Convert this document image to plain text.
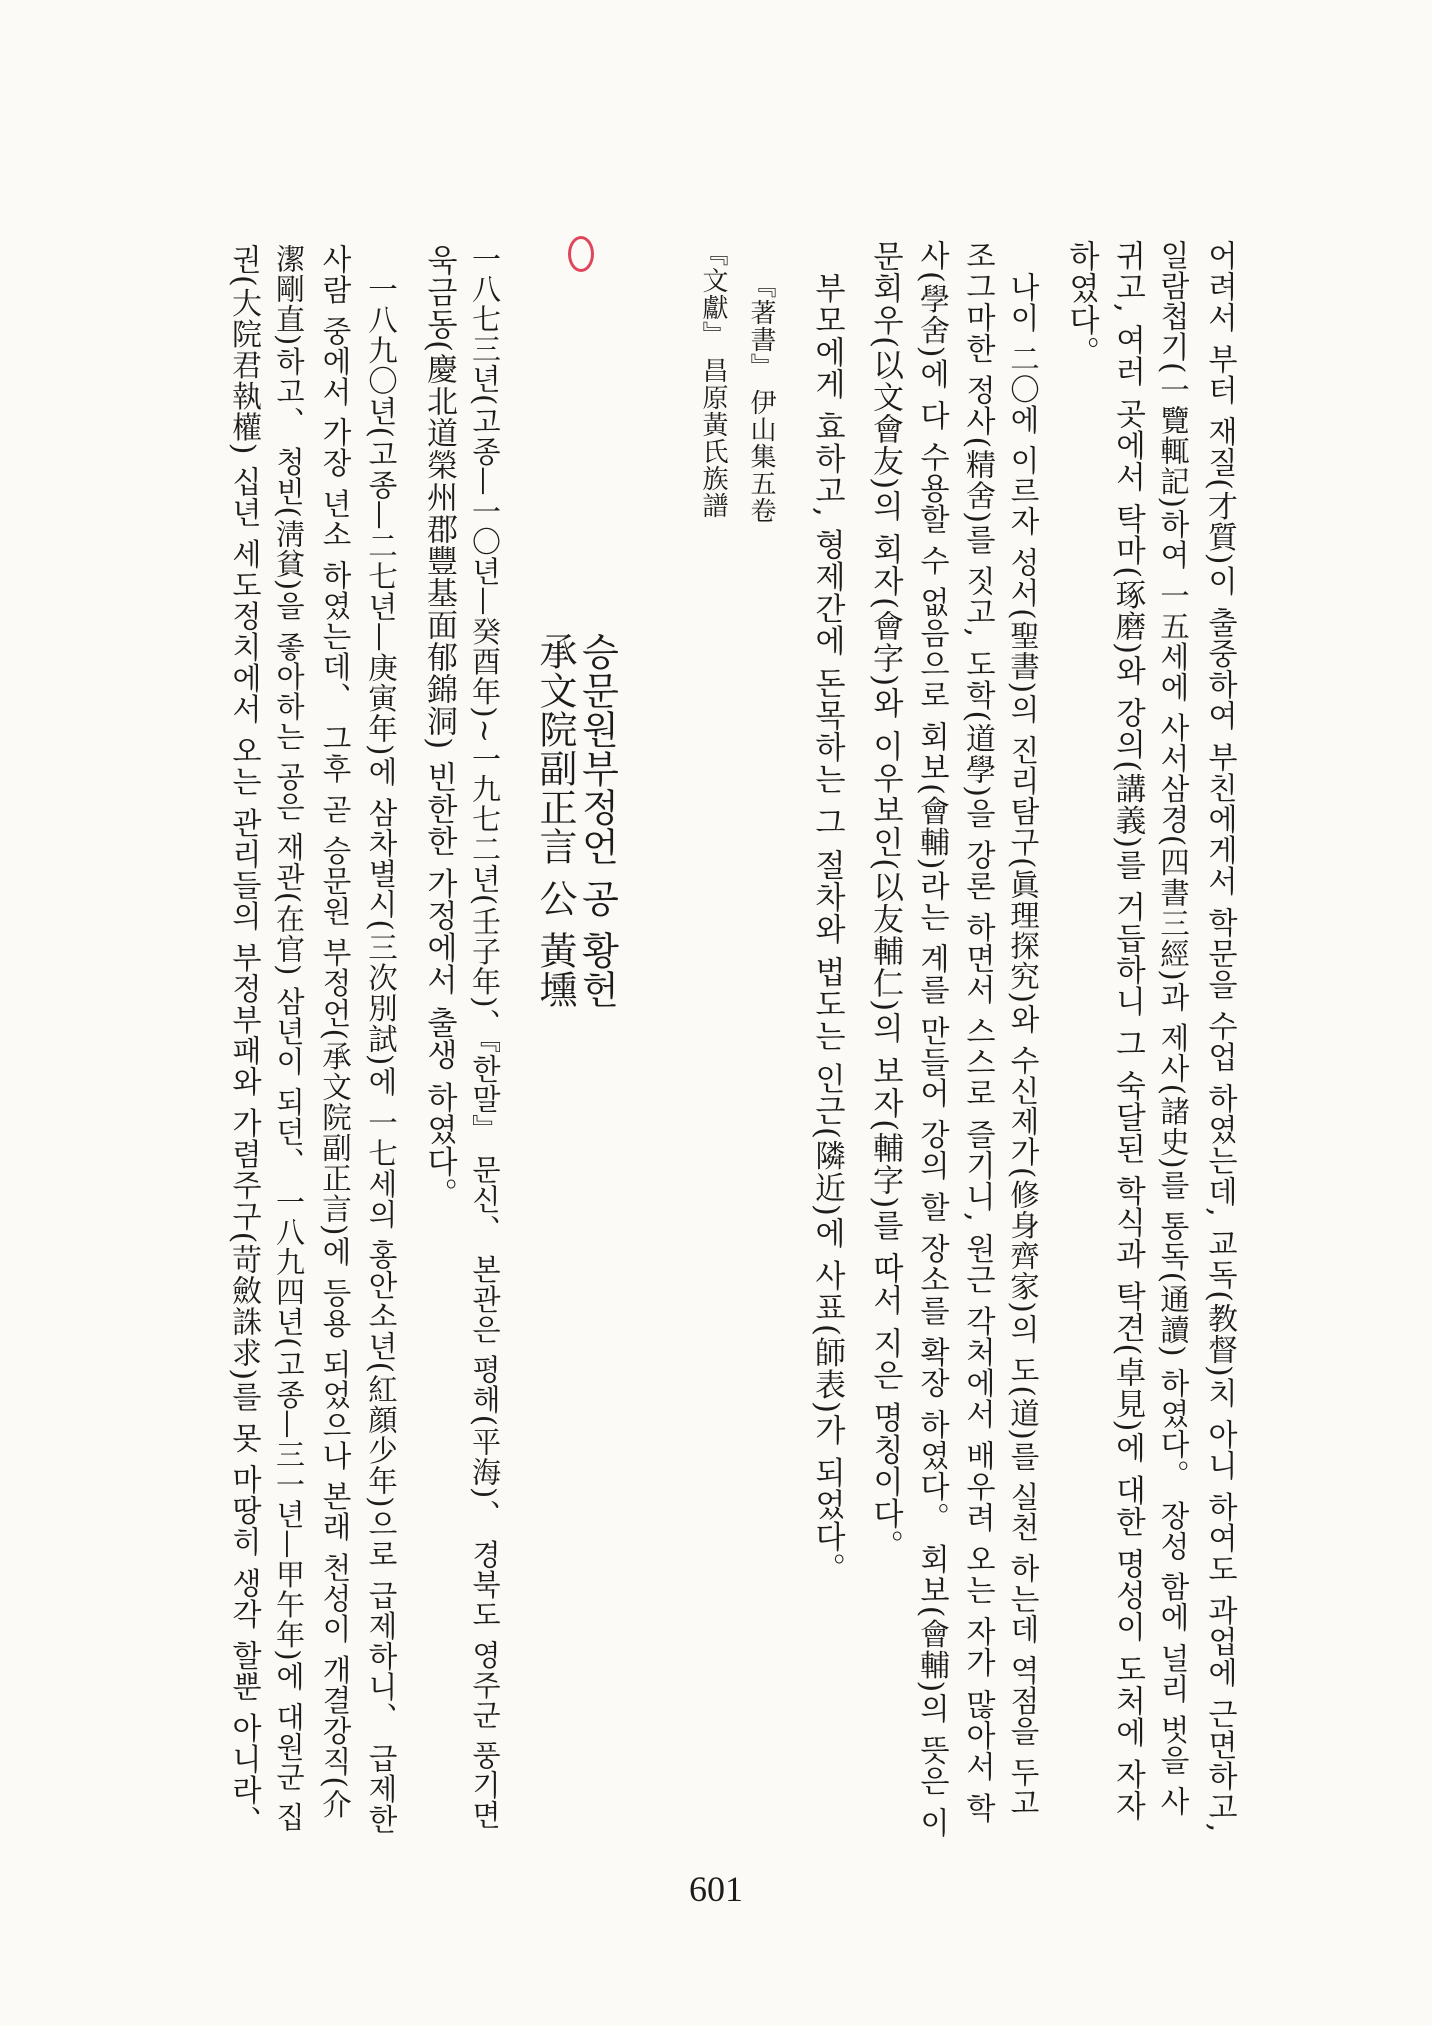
어려서 부터 재질(才質)이 출중하여 부친에게서 학문을 수업 하였는데, 교독(教督)치 아니 하여도 과업에 근면하고,
일람첩기(一覽輒記)하여 一五세에 사서삼경(四書三經)과 제사(諸史)를 통독(通讀) 하였다。 장성 함에 널리 벗을 사
귀고, 여러 곳에서 탁마(琢磨)와 강의(講義)를 거듭하니 그 숙달된 학식과 탁견(卓見)에 대한 명성이 도처에 자자
하였다。
나이 二〇에 이르자 성서(聖書)의 진리탐구(眞理探究)와 수신제가(修身齊家)의 도(道)를 실천 하는데 역점을 두고
조그마한 정사(精舍)를 짓고, 도학(道學)을 강론 하면서 스스로 즐기니, 원근 각처에서 배우려 오는 자가 많아서 학
사(學舍)에 다 수용할 수 없음으로 회보(會輔)라는 계를 만들어 강의 할 장소를 확장 하였다。 회보(會輔)의 뜻은 이
문회우(以文會友)의 회자(會字)와 이우보인(以友輔仁)의 보자(輔字)를 따서 지은 명칭이다。
부모에게 효하고, 형제간에 돈목하는 그 절차와 법도는 인근(隣近)에 사표(師表)가 되었다。
『著書』 伊山集五卷
『文獻』 昌原黃氏族譜
승문원부정언 공 황헌
承文院副正言 公 黃壎
一八七三년(고종—一〇년—癸酉年)~一九七二년(壬子年)、『한말』 문신、 본관은 평해(平海)、 경북도 영주군 풍기면
욱금동(慶北道榮州郡豐基面郁錦洞) 빈한한 가정에서 출생 하였다。
一八九〇년(고종—二七년—庚寅年)에 삼차별시(三次別試)에 一七세의 홍안소년(紅顔少年)으로 급제하니、 급제한
사람 중에서 가장 년소 하였는데、 그후 곧 승문원 부정언(承文院副正言)에 등용 되었으나 본래 천성이 개결강직(介
潔剛直)하고、 청빈(淸貧)을 좋아하는 공은 재관(在官) 삼년이 되던、 一八九四년(고종—三一년—甲午年)에 대원군 집
권(大院君執權) 십년 세도정치에서 오는 관리들의 부정부패와 가렴주구(苛斂誅求)를 못 마땅히 생각 할뿐 아니라、
601
